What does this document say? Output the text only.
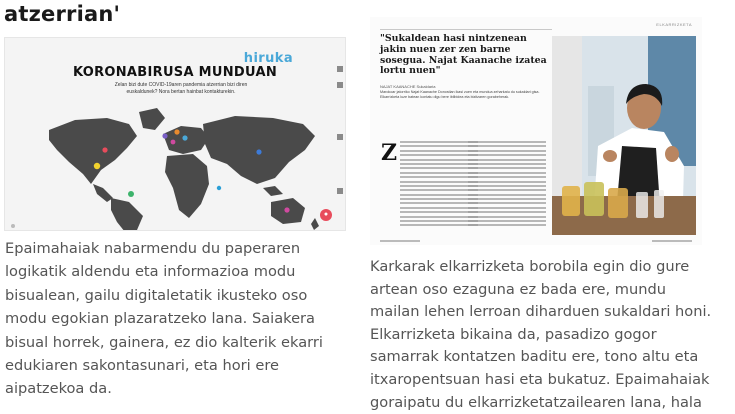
atzerrian'
hiruka
KORONABIRUSA MUNDUAN
Zelan bizi dute COVID-19aren pandemia atzerrian bizi diren euskaldunek? Nora bertan hainbat kontakturekin.
●

Epaimahaiak nabarmendu du paperaren logikatik aldendu eta informazioa modu bisualean, gailu digitaletatik ikusteko oso modu egokian plazaratzeko lana. Saiakera bisual horrek, gainera, ez dio kalterik ekarri edukiaren sakontasunari, eta hori ere aipatzekoa da.

ELKARRIZKETA
"Sukaldean hasi nintzenean jakin nuen zer zen barne sosegua. Najat Kaanache izatea lortu nuen"
NAJAT KAANACHE Sukaldaria
Marokoar jatorriko Najat Kaanache Donostian ikasi zuen eta mundua zeharkatu du sukaldari gisa. Elkarrizketa luze batean kontatu digu bere ibilbidea eta bizitzaren gorabeherak.
Z

Karkarak elkarrizketa borobila egin dio gure artean oso ezaguna ez bada ere, mundu mailan lehen lerroan diharduen sukaldari honi. Elkarrizketa bikaina da, pasadizo gogor samarrak kontatzen baditu ere, tono altu eta itxaropentsuan hasi eta bukatuz. Epaimahaiak goraipatu du elkarrizketatzailearen lana, hala
